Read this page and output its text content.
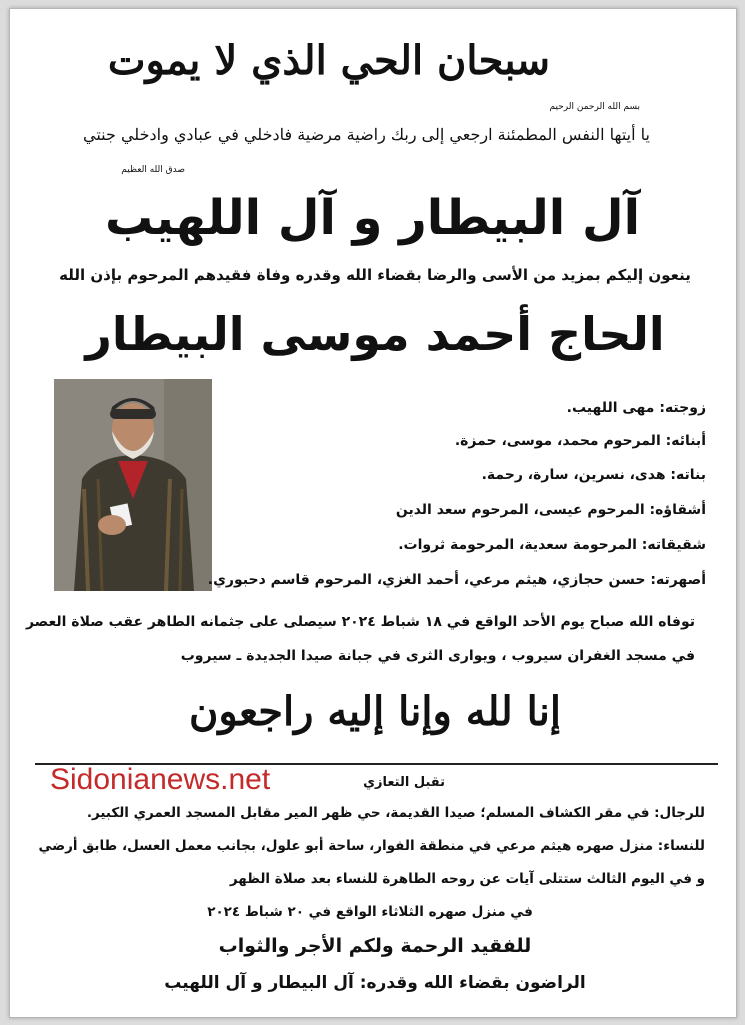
سبحان الحي الذي لا يموت
بسم الله الرحمن الرحيم
يا أيتها النفس المطمئنة ارجعي إلى ربك راضية مرضية فادخلي في عبادي وادخلي جنتي
صدق الله العظيم
آل البيطار و آل اللهيب
ينعون إليكم بمزيد من الأسى والرضا بقضاء الله وقدره وفاة فقيدهم المرحوم بإذن الله
الحاج أحمد موسى البيطار
زوجته: مهى اللهيب.
أبنائه: المرحوم محمد، موسى، حمزة.
بناته: هدى، نسرين، سارة، رحمة.
أشقاؤه: المرحوم عيسى، المرحوم سعد الدين
شقيقاته: المرحومة سعدية، المرحومة ثروات.
أصهرته: حسن حجازي، هيثم مرعي، أحمد الغزي، المرحوم قاسم دحبوري.
توفاه الله صباح يوم الأحد الواقع في ١٨ شباط ٢٠٢٤ سيصلى على جثمانه الطاهر عقب صلاة العصر
في مسجد الغفران سيروب ، ويوارى الثرى في جبانة صيدا الجديدة ـ سيروب
إنا لله وإنا إليه راجعون
Sidonianews.net	تقبل التعازي
للرجال: في مقر الكشاف المسلم؛ صيدا القديمة، حي ظهر المير مقابل المسجد العمري الكبير.
للنساء: منزل صهره هيثم مرعي في منطقة الفوار، ساحة أبو علول، بجانب معمل العسل، طابق أرضي
و في اليوم الثالث ستتلى آيات عن روحه الطاهرة للنساء بعد صلاة الظهر
في منزل صهره الثلاثاء الواقع في ٢٠ شباط ٢٠٢٤
للفقيد الرحمة ولكم الأجر والثواب
الراضون بقضاء الله وقدره: آل البيطار و آل اللهيب
